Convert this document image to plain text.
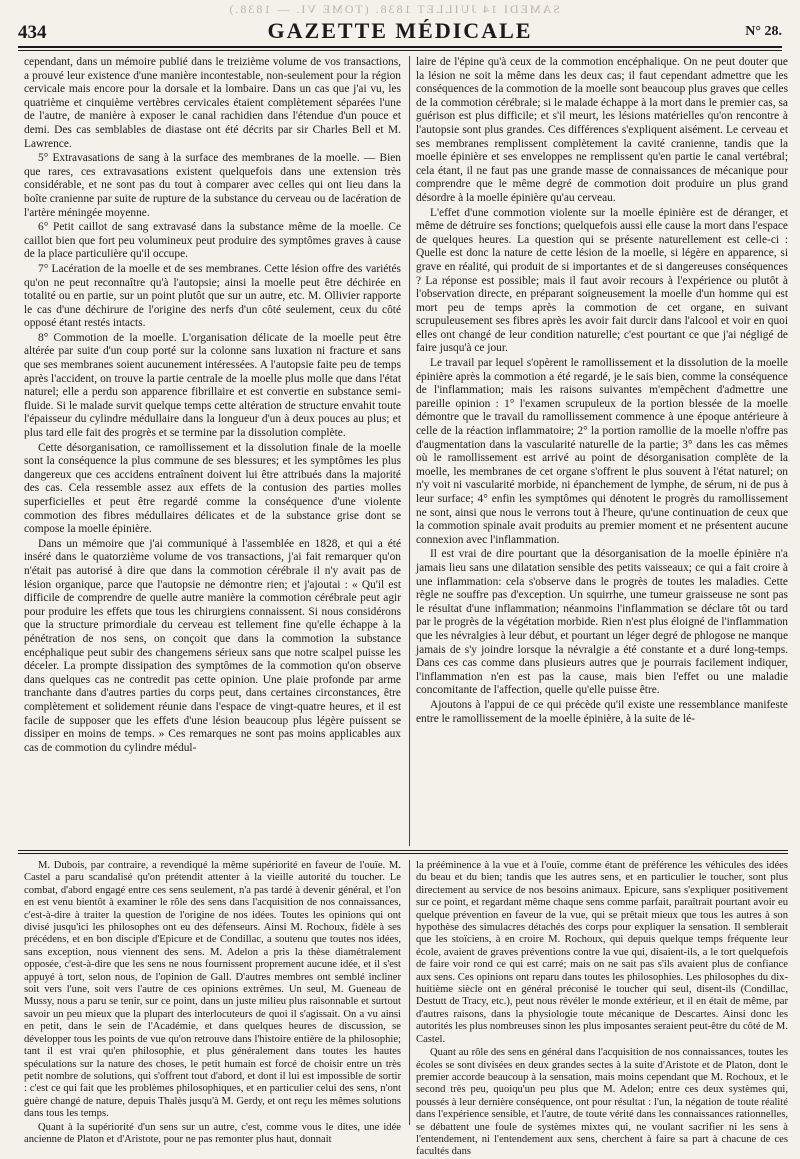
SAMEDI 14 JUILLET 1838. (TOME VI. — 1838.)
434	GAZETTE MÉDICALE	N° 28.

cependant, dans un mémoire publié dans le treizième volume de vos transactions, a prouvé leur existence d'une manière incontestable, non-seulement pour la région cervicale mais encore pour la dorsale et la lombaire. Dans un cas que j'ai vu, les quatrième et cinquième vertèbres cervicales étaient complètement séparées l'une de l'autre, de manière à exposer le canal rachidien dans l'étendue d'un pouce et demi. Des cas semblables de diastase ont été décrits par sir Charles Bell et M. Lawrence.

5° Extravasations de sang à la surface des membranes de la moelle. — Bien que rares, ces extravasations existent quelquefois dans une extension très considérable, et ne sont pas du tout à comparer avec celles qui ont lieu dans la boîte cranienne par suite de rupture de la substance du cerveau ou de lacération de l'artère méningée moyenne.

6° Petit caillot de sang extravasé dans la substance même de la moelle. Ce caillot bien que fort peu volumineux peut produire des symptômes graves à cause de la place particulière qu'il occupe.

7° Lacération de la moelle et de ses membranes. Cette lésion offre des variétés qu'on ne peut reconnaître qu'à l'autopsie; ainsi la moelle peut être déchirée en totalité ou en partie, sur un point plutôt que sur un autre, etc. M. Ollivier rapporte le cas d'une déchirure de l'origine des nerfs d'un côté seulement, ceux du côté opposé étant restés intacts.

8° Commotion de la moelle. L'organisation délicate de la moelle peut être altérée par suite d'un coup porté sur la colonne sans luxation ni fracture et sans que ses membranes soient aucunement intéressées. A l'autopsie faite peu de temps après l'accident, on trouve la partie centrale de la moelle plus molle que dans l'état naturel; elle a perdu son apparence fibrillaire et est convertie en substance semi-fluide. Si le malade survit quelque temps cette altération de structure envahit toute l'épaisseur du cylindre médullaire dans la longueur d'un à deux pouces au plus; et plus tard elle fait des progrès et se termine par la dissolution complète.

Cette désorganisation, ce ramollissement et la dissolution finale de la moelle sont la conséquence la plus commune de ses blessures; et les symptômes les plus dangereux que ces accidens entraînent doivent lui être attribués dans la majorité des cas. Cela ressemble assez aux effets de la contusion des parties molles superficielles et peut être regardé comme la conséquence d'une violente commotion des fibres médullaires délicates et de la substance grise dont se compose la moelle épinière.

Dans un mémoire que j'ai communiqué à l'assemblée en 1828, et qui a été inséré dans le quatorzième volume de vos transactions, j'ai fait remarquer qu'on n'était pas autorisé à dire que dans la commotion cérébrale il n'y avait pas de lésion organique, parce que l'autopsie ne démontre rien; et j'ajoutai : « Qu'il est difficile de comprendre de quelle autre manière la commotion cérébrale peut agir pour produire les effets que tous les chirurgiens connaissent. Si nous considérons que la structure primordiale du cerveau est tellement fine qu'elle échappe à la pénétration de nos sens, on conçoit que dans la commotion la substance encéphalique peut subir des changemens sérieux sans que notre scalpel puisse les déceler. La prompte dissipation des symptômes de la commotion qu'on observe dans quelques cas ne contredit pas cette opinion. Une plaie profonde par arme tranchante dans d'autres parties du corps peut, dans certaines circonstances, être complètement et solidement réunie dans l'espace de vingt-quatre heures, et il est facile de supposer que les effets d'une lésion beaucoup plus légère puissent se dissiper en moins de temps. » Ces remarques ne sont pas moins applicables aux cas de commotion du cylindre médul-

laire de l'épine qu'à ceux de la commotion encéphalique. On ne peut douter que la lésion ne soit la même dans les deux cas; il faut cependant admettre que les conséquences de la commotion de la moelle sont beaucoup plus graves que celles de la commotion cérébrale; si le malade échappe à la mort dans le premier cas, sa guérison est plus difficile; et s'il meurt, les lésions matérielles qu'on rencontre à l'autopsie sont plus grandes. Ces différences s'expliquent aisément. Le cerveau et ses membranes remplissent complètement la cavité cranienne, tandis que la moelle épinière et ses enveloppes ne remplissent qu'en partie le canal vertébral; cela étant, il ne faut pas une grande masse de connaissances de mécanique pour comprendre que le même degré de commotion doit produire un plus grand désordre à la moelle épinière qu'au cerveau.

L'effet d'une commotion violente sur la moelle épinière est de déranger, et même de détruire ses fonctions; quelquefois aussi elle cause la mort dans l'espace de quelques heures. La question qui se présente naturellement est celle-ci : Quelle est donc la nature de cette lésion de la moelle, si légère en apparence, si grave en réalité, qui produit de si importantes et de si dangereuses conséquences ? La réponse est possible; mais il faut avoir recours à l'expérience ou plutôt à l'observation directe, en préparant soigneusement la moelle d'un homme qui est mort peu de temps après la commotion de cet organe, en suivant scrupuleusement ses fibres après les avoir fait durcir dans l'alcool et voir en quoi elles ont changé de leur condition naturelle; c'est pourtant ce que j'ai négligé de faire jusqu'à ce jour.

Le travail par lequel s'opèrent le ramollissement et la dissolution de la moelle épinière après la commotion a été regardé, je le sais bien, comme la conséquence de l'inflammation; mais les raisons suivantes m'empêchent d'admettre une pareille opinion : 1° l'examen scrupuleux de la portion blessée de la moelle démontre que le travail du ramollissement commence à une époque antérieure à celle de la réaction inflammatoire; 2° la portion ramollie de la moelle n'offre pas d'augmentation dans la vascularité naturelle de la partie; 3° dans les cas mêmes où le ramollissement est arrivé au point de désorganisation complète de la moelle, les membranes de cet organe s'offrent le plus souvent à l'état naturel; on n'y voit ni vascularité morbide, ni épanchement de lymphe, de sérum, ni de pus à leur surface; 4° enfin les symptômes qui dénotent le progrès du ramollissement ne sont, ainsi que nous le verrons tout à l'heure, qu'une continuation de ceux que la commotion spinale avait produits au premier moment et ne présentent aucune connexion avec l'inflammation.

Il est vrai de dire pourtant que la désorganisation de la moelle épinière n'a jamais lieu sans une dilatation sensible des petits vaisseaux; ce qui a fait croire à une inflammation: cela s'observe dans le progrès de toutes les maladies. Cette règle ne souffre pas d'exception. Un squirrhe, une tumeur graisseuse ne sont pas le résultat d'une inflammation; néanmoins l'inflammation se déclare tôt ou tard par le progrès de la végétation morbide. Rien n'est plus éloigné de l'inflammation que les névralgies à leur début, et pourtant un léger degré de phlogose ne manque jamais de s'y joindre lorsque la névralgie a été constante et a duré long-temps. Dans ces cas comme dans plusieurs autres que je pourrais facilement indiquer, l'inflammation n'en est pas la cause, mais bien l'effet ou une maladie concomitante de l'affection, quelle qu'elle puisse être.

Ajoutons à l'appui de ce qui précède qu'il existe une ressemblance manifeste entre le ramollissement de la moelle épinière, à la suite de lé-

M. Dubois, par contraire, a revendiqué la même supériorité en faveur de l'ouïe. M. Castel a paru scandalisé qu'on prétendit attenter à la vieille autorité du toucher. Le combat, d'abord engagé entre ces sens seulement, n'a pas tardé à devenir général, et l'on en est venu bientôt à examiner le rôle des sens dans l'acquisition de nos connaissances, c'est-à-dire à traiter la question de l'origine de nos idées. Toutes les opinions qui ont divisé jusqu'ici les philosophes ont eu des défenseurs. Ainsi M. Rochoux, fidèle à ses précédens, et en bon disciple d'Epicure et de Condillac, a soutenu que toutes nos idées, sans exception, nous viennent des sens. M. Adelon a pris la thèse diamétralement opposée, c'est-à-dire que les sens ne nous fournissent proprement aucune idée, et il s'est appuyé à tort, selon nous, de l'opinion de Gall. D'autres membres ont semblé incliner soit vers l'une, soit vers l'autre de ces opinions extrêmes. Un seul, M. Gueneau de Mussy, nous a paru se tenir, sur ce point, dans un juste milieu plus raisonnable et surtout savoir un peu mieux que la plupart des interlocuteurs de quoi il s'agissait. On a vu ainsi en petit, dans le sein de l'Académie, et dans quelques heures de discussion, se développer tous les points de vue qu'on retrouve dans l'histoire entière de la philosophie; tant il est vrai qu'en philosophie, et plus généralement dans toutes les hautes spéculations sur la nature des choses, le petit humain est forcé de choisir entre un très petit nombre de solutions, qui s'offrent tout d'abord, et dont il lui est impossible de sortir : c'est ce qui fait que les problèmes philosophiques, et en particulier celui des sens, n'ont guère changé de nature, depuis Thalès jusqu'à M. Gerdy, et ont reçu les mêmes solutions dans tous les temps.

Quant à la supériorité d'un sens sur un autre, c'est, comme vous le dites, une idée ancienne de Platon et d'Aristote, pour ne pas remonter plus haut, donnait

la prééminence à la vue et à l'ouïe, comme étant de préférence les véhicules des idées du beau et du bien; tandis que les autres sens, et en particulier le toucher, sont plus directement au service de nos besoins animaux. Epicure, sans s'expliquer positivement sur ce point, et regardant même chaque sens comme parfait, paraîtrait pourtant avoir eu quelque prévention en faveur de la vue, qui se prêtait mieux que tous les autres à son hypothèse des simulacres détachés des corps pour expliquer la sensation. Il semblerait que les stoïciens, à en croire M. Rochoux, qui depuis quelque temps fréquente leur école, avaient de graves préventions contre la vue qui, disaient-ils, a le tort quelquefois de faire voir rond ce qui est carré; mais on ne sait pas s'ils avaient plus de confiance aux sens. Ces opinions ont reparu dans toutes les philosophies. Les philosophes du dix-huitième siècle ont en général préconisé le toucher qui seul, disent-ils (Condillac, Destutt de Tracy, etc.), peut nous révéler le monde extérieur, et il en était de même, par d'autres raisons, dans la physiologie toute mécanique de Descartes. Ainsi donc les autorités les plus nombreuses sinon les plus imposantes seraient peut-être du côté de M. Castel.

Quant au rôle des sens en général dans l'acquisition de nos connaissances, toutes les écoles se sont divisées en deux grandes sectes à la suite d'Aristote et de Platon, dont le premier accorde beaucoup à la sensation, mais moins cependant que M. Rochoux, et le second très peu, quoiqu'un peu plus que M. Adelon; entre ces deux systèmes qui, poussés à leur dernière conséquence, ont pour résultat : l'un, la négation de toute réalité dans l'expérience sensible, et l'autre, de toute vérité dans les connaissances rationnelles, se débattent une foule de systèmes mixtes qui, ne voulant sacrifier ni les sens à l'entendement, ni l'entendement aux sens, cherchent à faire sa part à chacune de ces facultés dans
